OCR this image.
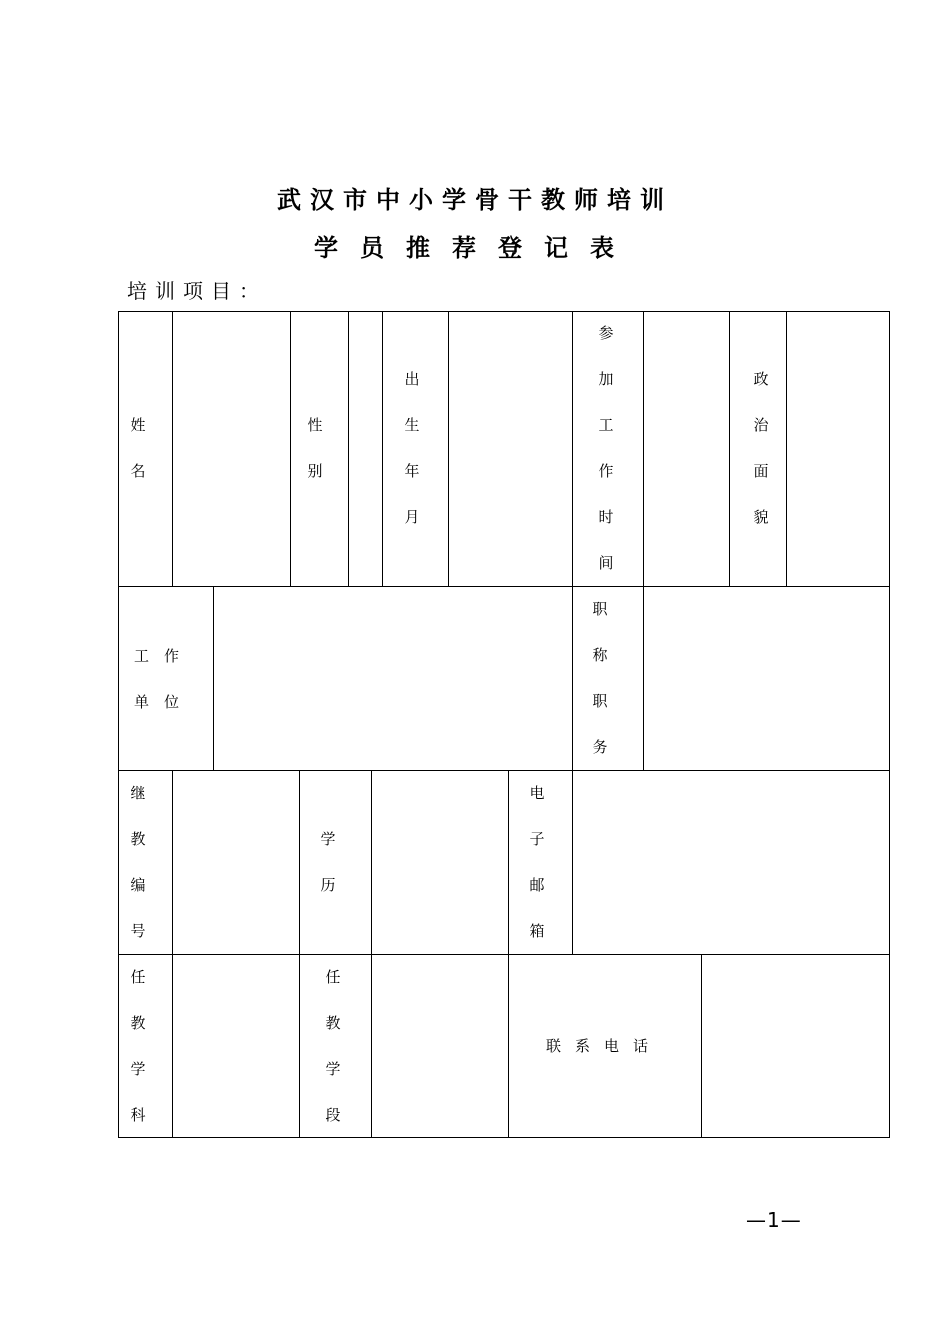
武汉市中小学骨干教师培训
学员推荐登记表
培训项目：
姓
名
性
别
出
生
年
月
参
加
工
作
时
间
政
治
面
貌
工作
单位
职
称
职
务
继
教
编
号
学
历
电
子
邮
箱
任
教
学
科
任
教
学
段
联系电话
—1—
